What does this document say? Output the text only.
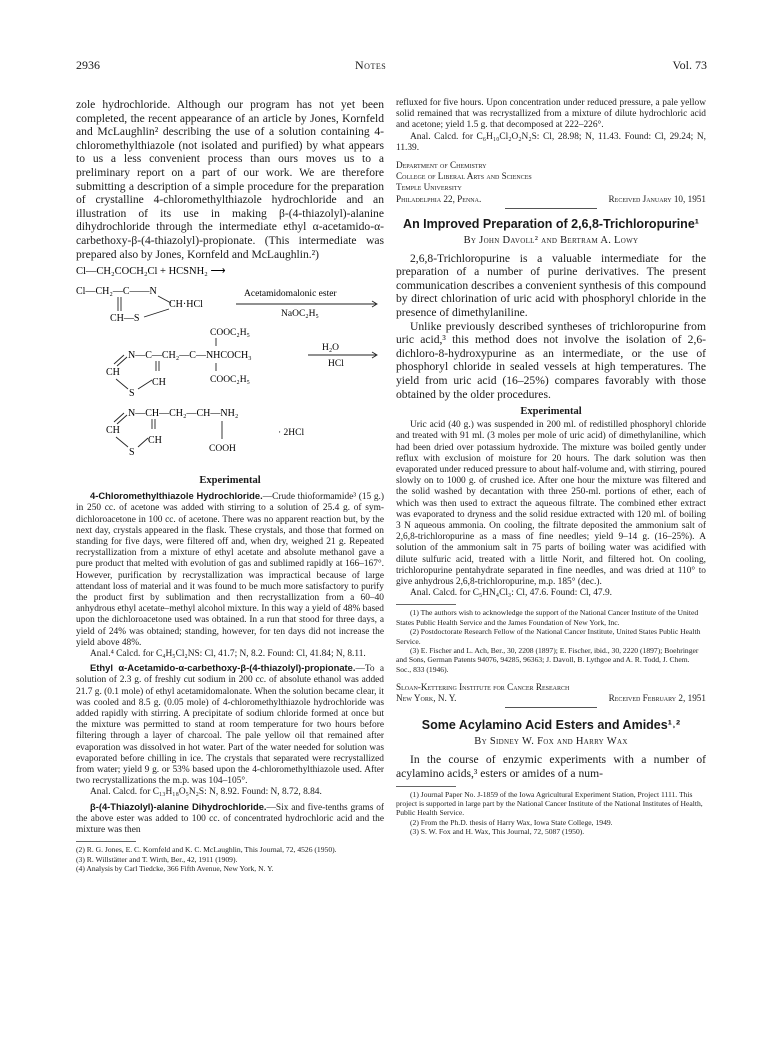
2936	Notes	Vol. 73

zole hydrochloride. Although our program has not yet been completed, the recent appearance of an article by Jones, Kornfeld and McLaughlin² describing the use of a solution containing 4-chloromethylthiazole (not isolated and purified) by what appears to us a less convenient process than ours moves us to a preliminary report on a part of our work. We are therefore submitting a description of a simple procedure for the preparation of crystalline 4-chloromethylthiazole hydrochloride and an illustration of its use in making β-(4-thiazolyl)-alanine dihydrochloride through the intermediate ethyl α-acetamido-α-carbethoxy-β-(4-thiazolyl)-propionate. (This intermediate was prepared also by Jones, Kornfeld and McLaughlin.²)

Cl—CH₂COCH₂Cl + HCSNH₂ ⟶
Cl—CH₂—C——N
CH·HCl
CH—S
Acetamidomalonic ester
NaOC₂H₅
COOC₂H₅
N—C—CH₂—C—NHCOCH₃
CH
CH
S
COOC₂H₅
H₂O
HCl
N—CH—CH₂—CH—NH₂
CH
CH
S	COOH
· 2HCl
Experimental

4-Chloromethylthiazole Hydrochloride.—Crude thioformamide³ (15 g.) in 250 cc. of acetone was added with stirring to a solution of 25.4 g. of sym-dichloroacetone in 100 cc. of acetone. There was no apparent reaction but, by the next day, crystals appeared in the flask. These crystals, and those that formed on standing for five days, were filtered off and, when dry, weighed 21 g. Repeated recrystallization from a mixture of ethyl acetate and absolute methanol gave a pure product that melted with evolution of gas and sublimed rapidly at 166–167°. However, purification by recrystallization was impractical because of large attendant loss of material and it was found to be much more satisfactory to purify the product first by sublimation and then recrystallization from a 60–40 anhydrous ethyl acetate–methyl alcohol mixture. In this way a yield of 48% based upon the dichloroacetone used was obtained. In a run that stood for three days, a yield of 24% was obtained; standing, however, for ten days did not increase the yield above 48%.

Anal.⁴ Calcd. for C₄H₅Cl₂NS: Cl, 41.7; N, 8.2. Found: Cl, 41.84; N, 8.11.

Ethyl α-Acetamido-α-carbethoxy-β-(4-thiazolyl)-propionate.—To a solution of 2.3 g. of freshly cut sodium in 200 cc. of absolute ethanol was added 21.7 g. (0.1 mole) of ethyl acetamidomalonate. When the solution became clear, it was cooled and 8.5 g. (0.05 mole) of 4-chloromethylthiazole hydrochloride was added rapidly with stirring. A precipitate of sodium chloride formed at once but the mixture was permitted to stand at room temperature for two hours before filtering through a layer of charcoal. The pale yellow oil that remained after evaporation was dissolved in hot water. Part of the water needed for solution was evaporated before chilling in ice. The crystals that separated were recrystallized from water; yield 9 g. or 53% based upon the 4-chloromethylthiazole used. After two recrystallizations the m.p. was 104–105°.

Anal. Calcd. for C₁₃H₁₈O₅N₂S: N, 8.92. Found: N, 8.72, 8.84.

β-(4-Thiazolyl)-alanine Dihydrochloride.—Six and five-tenths grams of the above ester was added to 100 cc. of concentrated hydrochloric acid and the mixture was then

(2) R. G. Jones, E. C. Kornfeld and K. C. McLaughlin, This Journal, 72, 4526 (1950).

(3) R. Willstätter and T. Wirth, Ber., 42, 1911 (1909).

(4) Analysis by Carl Tiedcke, 366 Fifth Avenue, New York, N. Y.

refluxed for five hours. Upon concentration under reduced pressure, a pale yellow solid remained that was recrystallized from a mixture of dilute hydrochloric acid and acetone; yield 1.5 g. that decomposed at 222–226°.

Anal. Calcd. for C₆H₁₀Cl₂O₂N₂S: Cl, 28.98; N, 11.43. Found: Cl, 29.24; N, 11.39.

Department of Chemistry

College of Liberal Arts and Sciences

Temple University

Philadelphia 22, Penna.	Received January 10, 1951

An Improved Preparation of 2,6,8-Trichloropurine¹

By John Davoll² and Bertram A. Lowy

2,6,8-Trichloropurine is a valuable intermediate for the preparation of a number of purine derivatives. The present communication describes a convenient synthesis of this compound by direct chlorination of uric acid with phosphoryl chloride in the presence of dimethylaniline.

Unlike previously described syntheses of trichloropurine from uric acid,³ this method does not involve the isolation of 2,6-dichloro-8-hydroxypurine as an intermediate, or the use of phosphoryl chloride in sealed vessels at high temperatures. The yield from uric acid (16–25%) compares favorably with those obtained by the older procedures.

Experimental

Uric acid (40 g.) was suspended in 200 ml. of redistilled phosphoryl chloride and treated with 91 ml. (3 moles per mole of uric acid) of dimethylaniline, which had been dried over potassium hydroxide. The mixture was boiled gently under reflux with exclusion of moisture for 20 hours. The dark solution was then evaporated under reduced pressure to about half-volume and, with stirring, poured slowly on to 1000 g. of crushed ice. After one hour the mixture was filtered and the solid washed by decantation with three 250-ml. portions of ether, each of which was then used to extract the aqueous filtrate. The combined ether extract was evaporated to dryness and the solid residue extracted with 120 ml. of boiling 3 N aqueous ammonia. On cooling, the filtrate deposited the ammonium salt of 2,6,8-trichloropurine as a mass of fine needles; yield 9–14 g. (16–25%). A solution of the ammonium salt in 75 parts of boiling water was acidified with dilute sulfuric acid, treated with a little Norit, and filtered hot. On cooling, trichloropurine pentahydrate separated in fine needles, and was dried at 110° to give anhydrous 2,6,8-trichloropurine, m.p. 185° (dec.).

Anal. Calcd. for C₅HN₄Cl₃: Cl, 47.6. Found: Cl, 47.9.

(1) The authors wish to acknowledge the support of the National Cancer Institute of the United States Public Health Service and the James Foundation of New York, Inc.

(2) Postdoctorate Research Fellow of the National Cancer Institute, United States Public Health Service.

(3) E. Fischer and L. Ach, Ber., 30, 2208 (1897); E. Fischer, ibid., 30, 2220 (1897); Boehringer and Sons, German Patents 94076, 94285, 96363; J. Davoll, B. Lythgoe and A. R. Todd, J. Chem. Soc., 833 (1946).

Sloan-Kettering Institute for Cancer Research

New York, N. Y.	Received February 2, 1951

Some Acylamino Acid Esters and Amides¹˒²

By Sidney W. Fox and Harry Wax

In the course of enzymic experiments with a number of acylamino acids,³ esters or amides of a num-

(1) Journal Paper No. J-1859 of the Iowa Agricultural Experiment Station, Project 1111. This project is supported in large part by the National Cancer Institute of the National Institutes of Health, Public Health Service.

(2) From the Ph.D. thesis of Harry Wax, Iowa State College, 1949.

(3) S. W. Fox and H. Wax, This Journal, 72, 5087 (1950).
